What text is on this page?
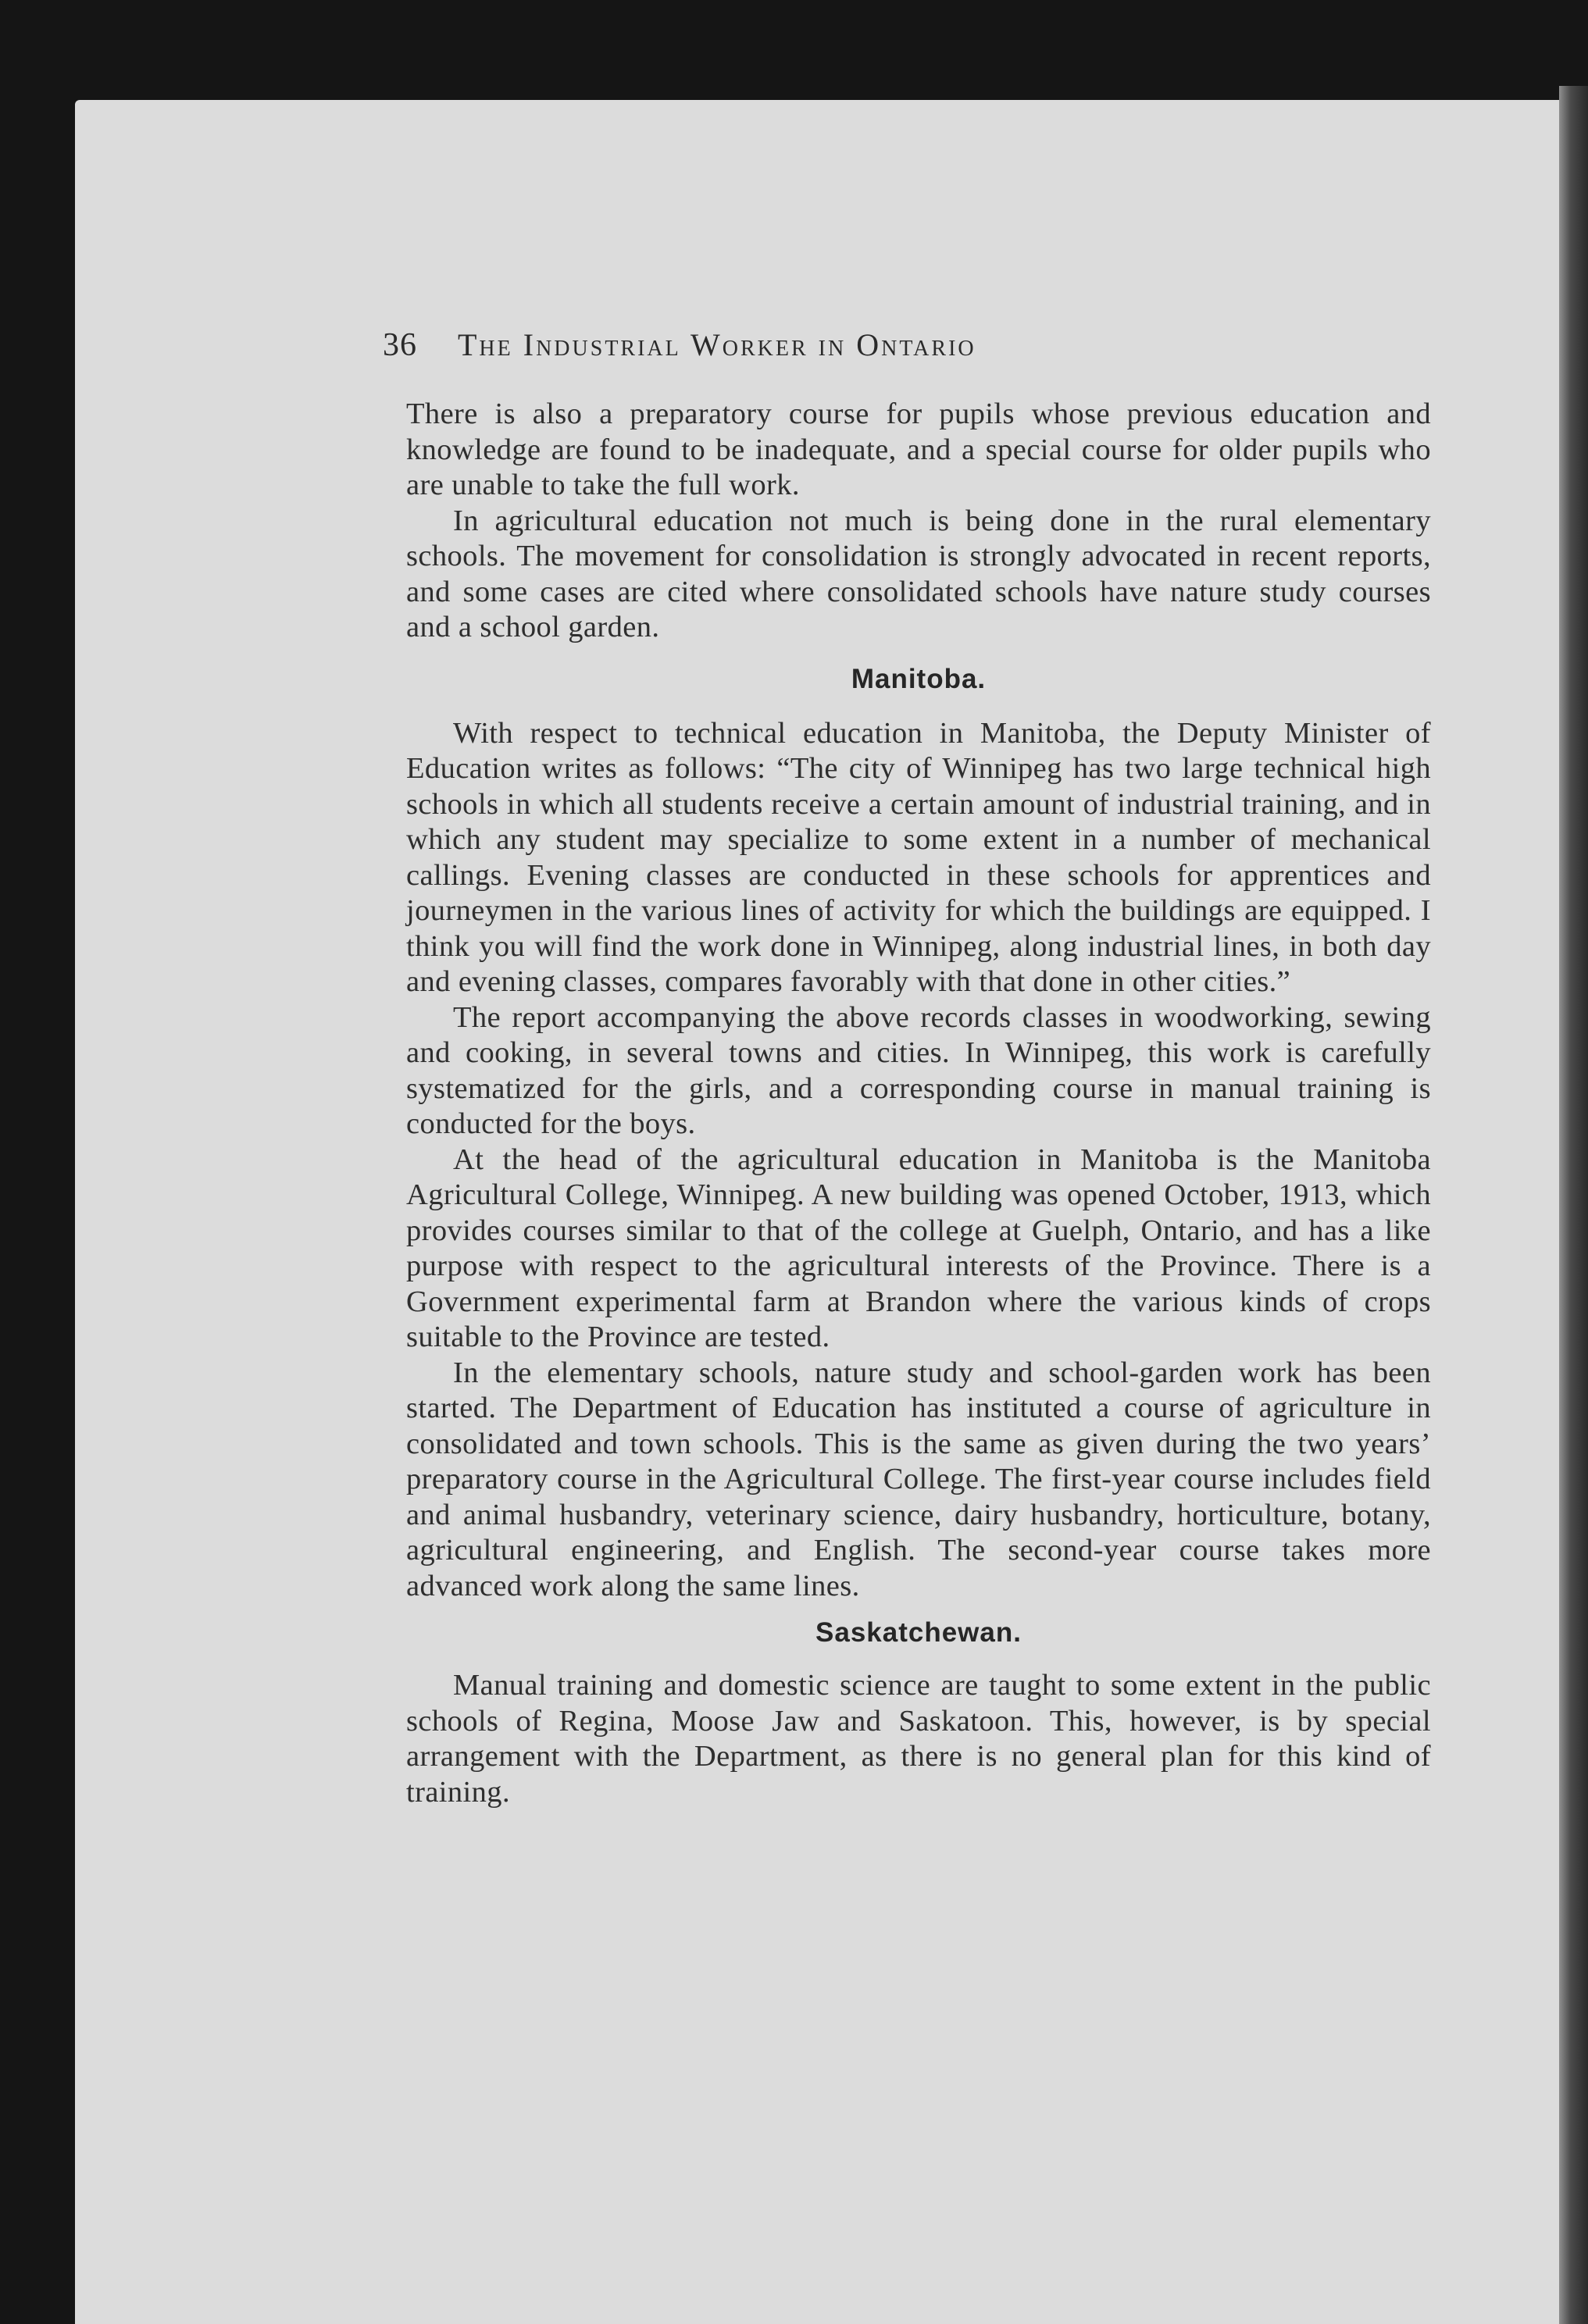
36 The Industrial Worker in Ontario

There is also a preparatory course for pupils whose previous education and knowledge are found to be inadequate, and a special course for older pupils who are unable to take the full work.

In agricultural education not much is being done in the rural elementary schools. The movement for consolidation is strongly advocated in recent reports, and some cases are cited where consolidated schools have nature study courses and a school garden.

Manitoba.

With respect to technical education in Manitoba, the Deputy Minister of Education writes as follows: “The city of Winnipeg has two large technical high schools in which all students receive a certain amount of industrial training, and in which any student may specialize to some extent in a number of mechanical callings. Evening classes are conducted in these schools for apprentices and journeymen in the various lines of activity for which the buildings are equipped. I think you will find the work done in Winnipeg, along industrial lines, in both day and evening classes, compares favorably with that done in other cities.”

The report accompanying the above records classes in woodworking, sewing and cooking, in several towns and cities. In Winnipeg, this work is carefully systematized for the girls, and a corresponding course in manual training is conducted for the boys.

At the head of the agricultural education in Manitoba is the Manitoba Agricultural College, Winnipeg. A new building was opened October, 1913, which provides courses similar to that of the college at Guelph, Ontario, and has a like purpose with respect to the agricultural interests of the Province. There is a Government experimental farm at Brandon where the various kinds of crops suitable to the Province are tested.

In the elementary schools, nature study and school-garden work has been started. The Department of Education has instituted a course of agriculture in consolidated and town schools. This is the same as given during the two years’ preparatory course in the Agricultural College. The first-year course includes field and animal husbandry, veterinary science, dairy husbandry, horticulture, botany, agricultural engineering, and English. The second-year course takes more advanced work along the same lines.

Saskatchewan.

Manual training and domestic science are taught to some extent in the public schools of Regina, Moose Jaw and Saskatoon. This, however, is by special arrangement with the Department, as there is no general plan for this kind of training.
